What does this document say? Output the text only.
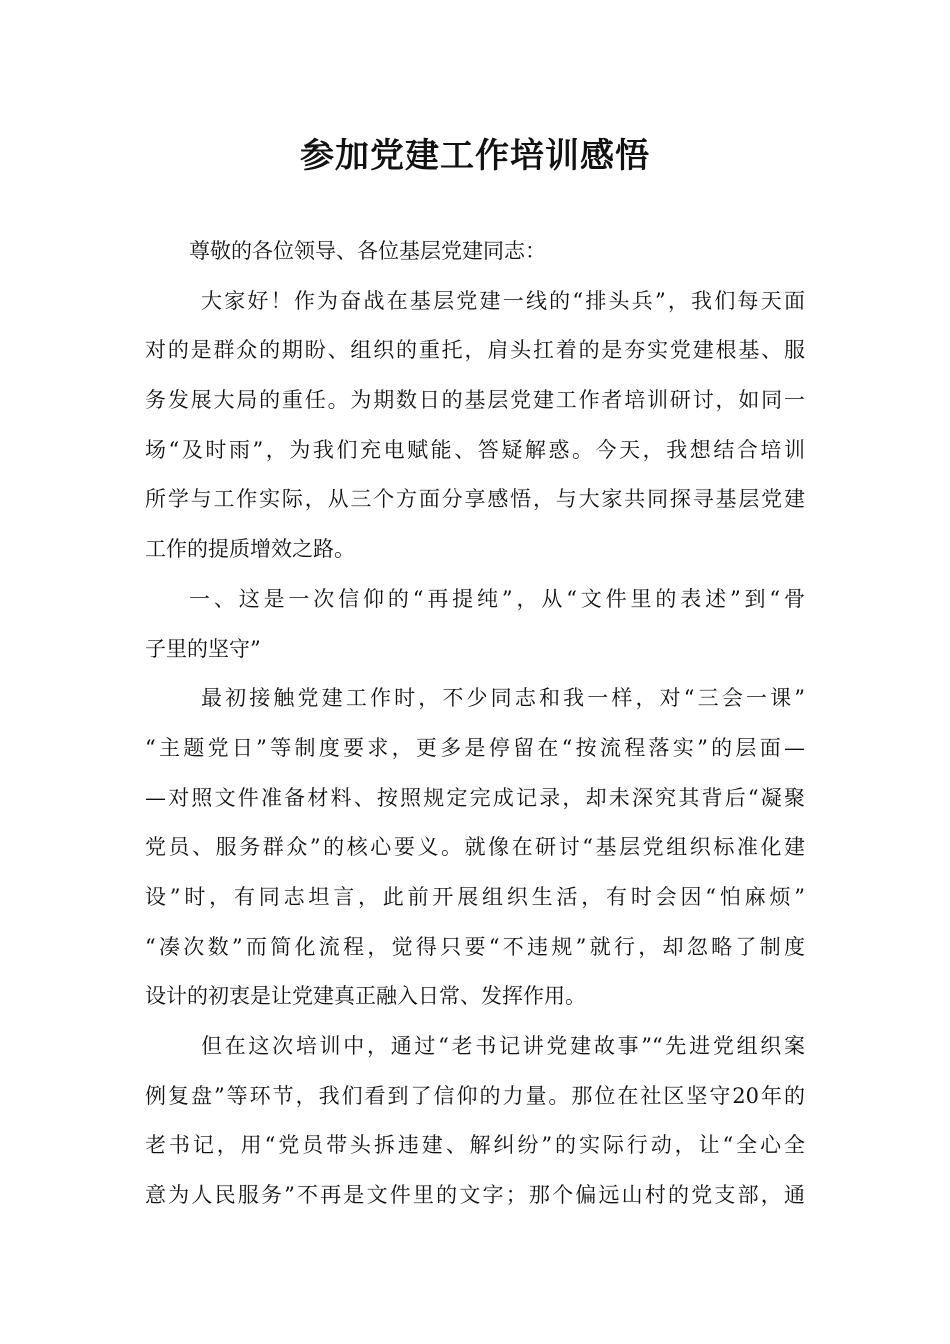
参加党建工作培训感悟
尊敬的各位领导、各位基层党建同志：
大家好！作为奋战在基层党建一线的“排头兵”，我们每天面
对的是群众的期盼、组织的重托，肩头扛着的是夯实党建根基、服
务发展大局的重任。为期数日的基层党建工作者培训研讨，如同一
场“及时雨”，为我们充电赋能、答疑解惑。今天，我想结合培训
所学与工作实际，从三个方面分享感悟，与大家共同探寻基层党建
工作的提质增效之路。
一、这是一次信仰的“再提纯”，从“文件里的表述”到“骨
子里的坚守”
最初接触党建工作时，不少同志和我一样，对“三会一课”
“主题党日”等制度要求，更多是停留在“按流程落实”的层面—
—对照文件准备材料、按照规定完成记录，却未深究其背后“凝聚
党员、服务群众”的核心要义。就像在研讨“基层党组织标准化建
设”时，有同志坦言，此前开展组织生活，有时会因“怕麻烦”
“凑次数”而简化流程，觉得只要“不违规”就行，却忽略了制度
设计的初衷是让党建真正融入日常、发挥作用。
但在这次培训中，通过“老书记讲党建故事”“先进党组织案
例复盘”等环节，我们看到了信仰的力量。那位在社区坚守20年的
老书记，用“党员带头拆违建、解纠纷”的实际行动，让“全心全
意为人民服务”不再是文件里的文字；那个偏远山村的党支部，通
